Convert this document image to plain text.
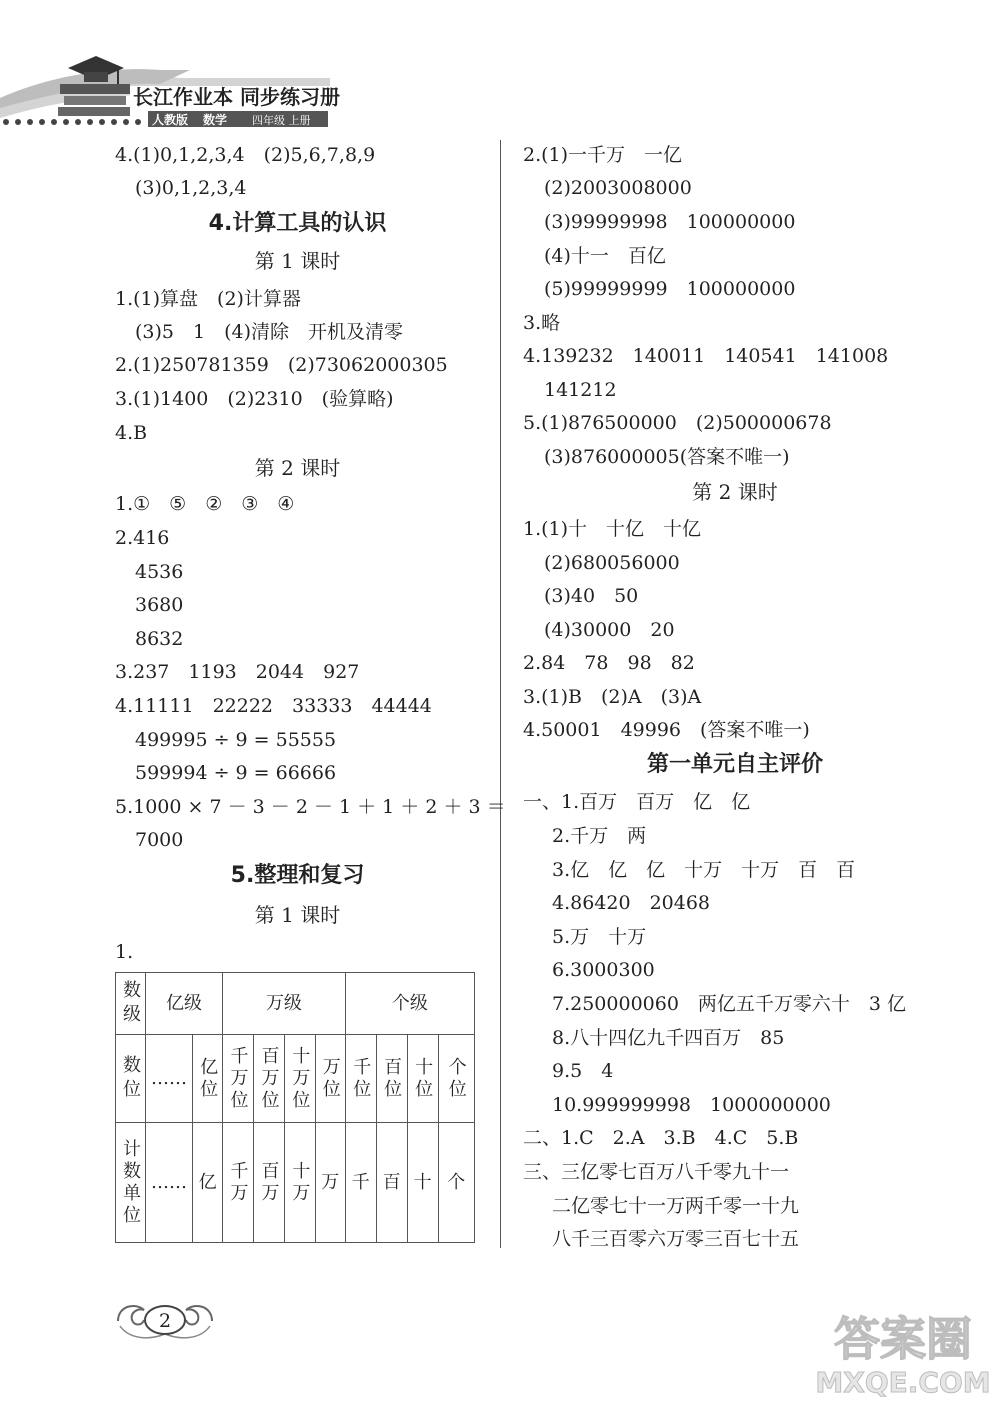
长江作业本 同步练习册
人教版 数学 四年级 上册
4.(1)0,1,2,3,4　(2)5,6,7,8,9
(3)0,1,2,3,4
4.计算工具的认识
第 1 课时
1.(1)算盘　(2)计算器
(3)5　1　(4)清除　开机及清零
2.(1)250781359　(2)73062000305
3.(1)1400　(2)2310　(验算略)
4.B
第 2 课时
1.①　⑤　②　③　④
2.416
4536
3680
8632
3.237　1193　2044　927
4.11111　22222　33333　44444
499995 ÷ 9 = 55555
599994 ÷ 9 = 66666
5.1000 × 7 － 3 － 2 － 1 ＋ 1 ＋ 2 ＋ 3 ＝
7000
5.整理和复习
第 1 课时
1.
数级	亿级		万级				个级			
数位	……	亿位	千万位	百万位	十万位	万位	千位	百位	十位	个位
计数单位	……	亿	千万	百万	十万	万	千	百	十	个
2.(1)一千万　一亿
(2)2003008000
(3)99999998　100000000
(4)十一　百亿
(5)99999999　100000000
3.略
4.139232　140011　140541　141008
141212
5.(1)876500000　(2)500000678
(3)876000005(答案不唯一)
第 2 课时
1.(1)十　十亿　十亿
(2)680056000
(3)40　50
(4)30000　20
2.84　78　98　82
3.(1)B　(2)A　(3)A
4.50001　49996　(答案不唯一)
第一单元自主评价
一、1.百万　百万　亿　亿
2.千万　两
3.亿　亿　亿　十万　十万　百　百
4.86420　20468
5.万　十万
6.3000300
7.250000060　两亿五千万零六十　3 亿
8.八十四亿九千四百万　85
9.5　4
10.999999998　1000000000
二、1.C　2.A　3.B　4.C　5.B
三、三亿零七百万八千零九十一
二亿零七十一万两千零一十九
八千三百零六万零三百七十五
2	答案圈
MXQE.COM
